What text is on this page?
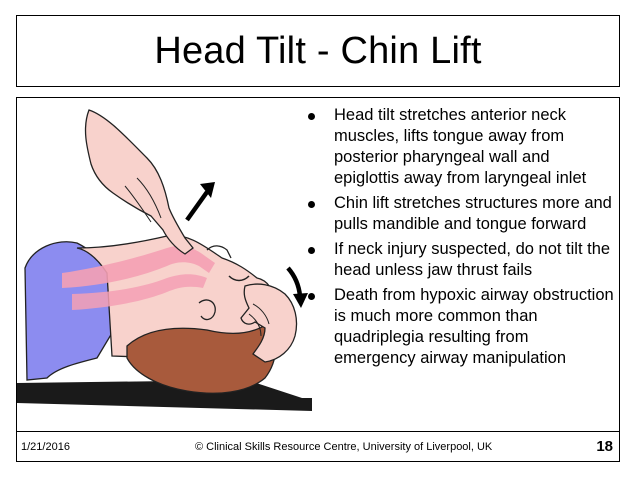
Head Tilt - Chin Lift
Head tilt stretches anterior neck muscles, lifts tongue away from posterior pharyngeal wall and epiglottis away from laryngeal inlet
Chin lift stretches structures more and pulls mandible and tongue forward
If neck injury suspected, do not tilt the head unless jaw thrust fails
Death from hypoxic airway obstruction is much more common than quadriplegia resulting from emergency airway manipulation
1/21/2016	© Clinical Skills Resource Centre, University of Liverpool, UK	18
